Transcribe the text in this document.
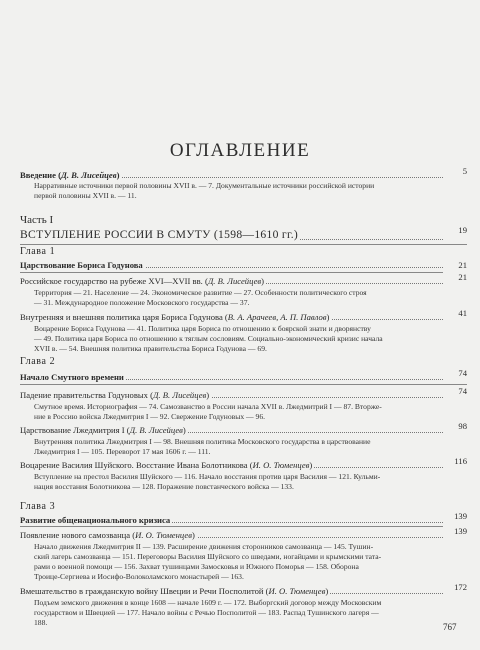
ОГЛАВЛЕНИЕ
Введение (Д. В. Лисейцев)	5
Нарративные источники первой половины XVII в. — 7. Документальные источники российской истории
первой половины XVII в. — 11.
Часть I
ВСТУПЛЕНИЕ РОССИИ В СМУТУ (1598—1610 гг.)	19
Глава 1
Царствование Бориса Годунова	21
Российское государство на рубеже XVI—XVII вв. (Д. В. Лисейцев)	21
Территория — 21. Население — 24. Экономическое развитие — 27. Особенности политического строя
— 31. Международное положение Московского государства — 37.
Внутренняя и внешняя политика царя Бориса Годунова (В. А. Арачеев, А. П. Павлов)	41
Воцарение Бориса Годунова — 41. Политика царя Бориса по отношению к боярской знати и дворянству
— 49. Политика царя Бориса по отношению к тяглым сословиям. Социально-экономический кризис начала
XVII в. — 54. Внешняя политика правительства Бориса Годунова — 69.
Глава 2
Начало Смутного времени	74
Падение правительства Годуновых (Д. В. Лисейцев)	74
Смутное время. Историография — 74. Самозванство в России начала XVII в. Лжедмитрий I — 87. Вторже-
ние в Россию войска Лжедмитрия I — 92. Свержение Годуновых — 96.
Царствование Лжедмитрия I (Д. В. Лисейцев)	98
Внутренняя политика Лжедмитрия I — 98. Внешняя политика Московского государства в царствование
Лжедмитрия I — 105. Переворот 17 мая 1606 г. — 111.
Воцарение Василия Шуйского. Восстание Ивана Болотникова (И. О. Тюменцев)	116
Вступление на престол Василия Шуйского — 116. Начало восстания против царя Василия — 121. Кульми-
нация восстания Болотникова — 128. Поражение повстанческого войска — 133.
Глава 3
Развитие общенационального кризиса	139
Появление нового самозванца (И. О. Тюменцев)	139
Начало движения Лжедмитрия II — 139. Расширение движения сторонников самозванца — 145. Тушин-
ский лагерь самозванца — 151. Переговоры Василия Шуйского со шведами, ногайцами и крымскими тата-
рами о военной помощи — 156. Захват тушинцами Замосковья и Южного Поморья — 158. Оборона
Троице-Сергиева и Иосифо-Волоколамского монастырей — 163.
Вмешательство в гражданскую войну Швеции и Речи Посполитой (И. О. Тюменцев)	172
Подъем земского движения в конце 1608 — начале 1609 г. — 172. Выборгский договор между Московским
государством и Швецией — 177. Начало войны с Речью Посполитой — 183. Распад Тушинского лагеря —
188.	767
